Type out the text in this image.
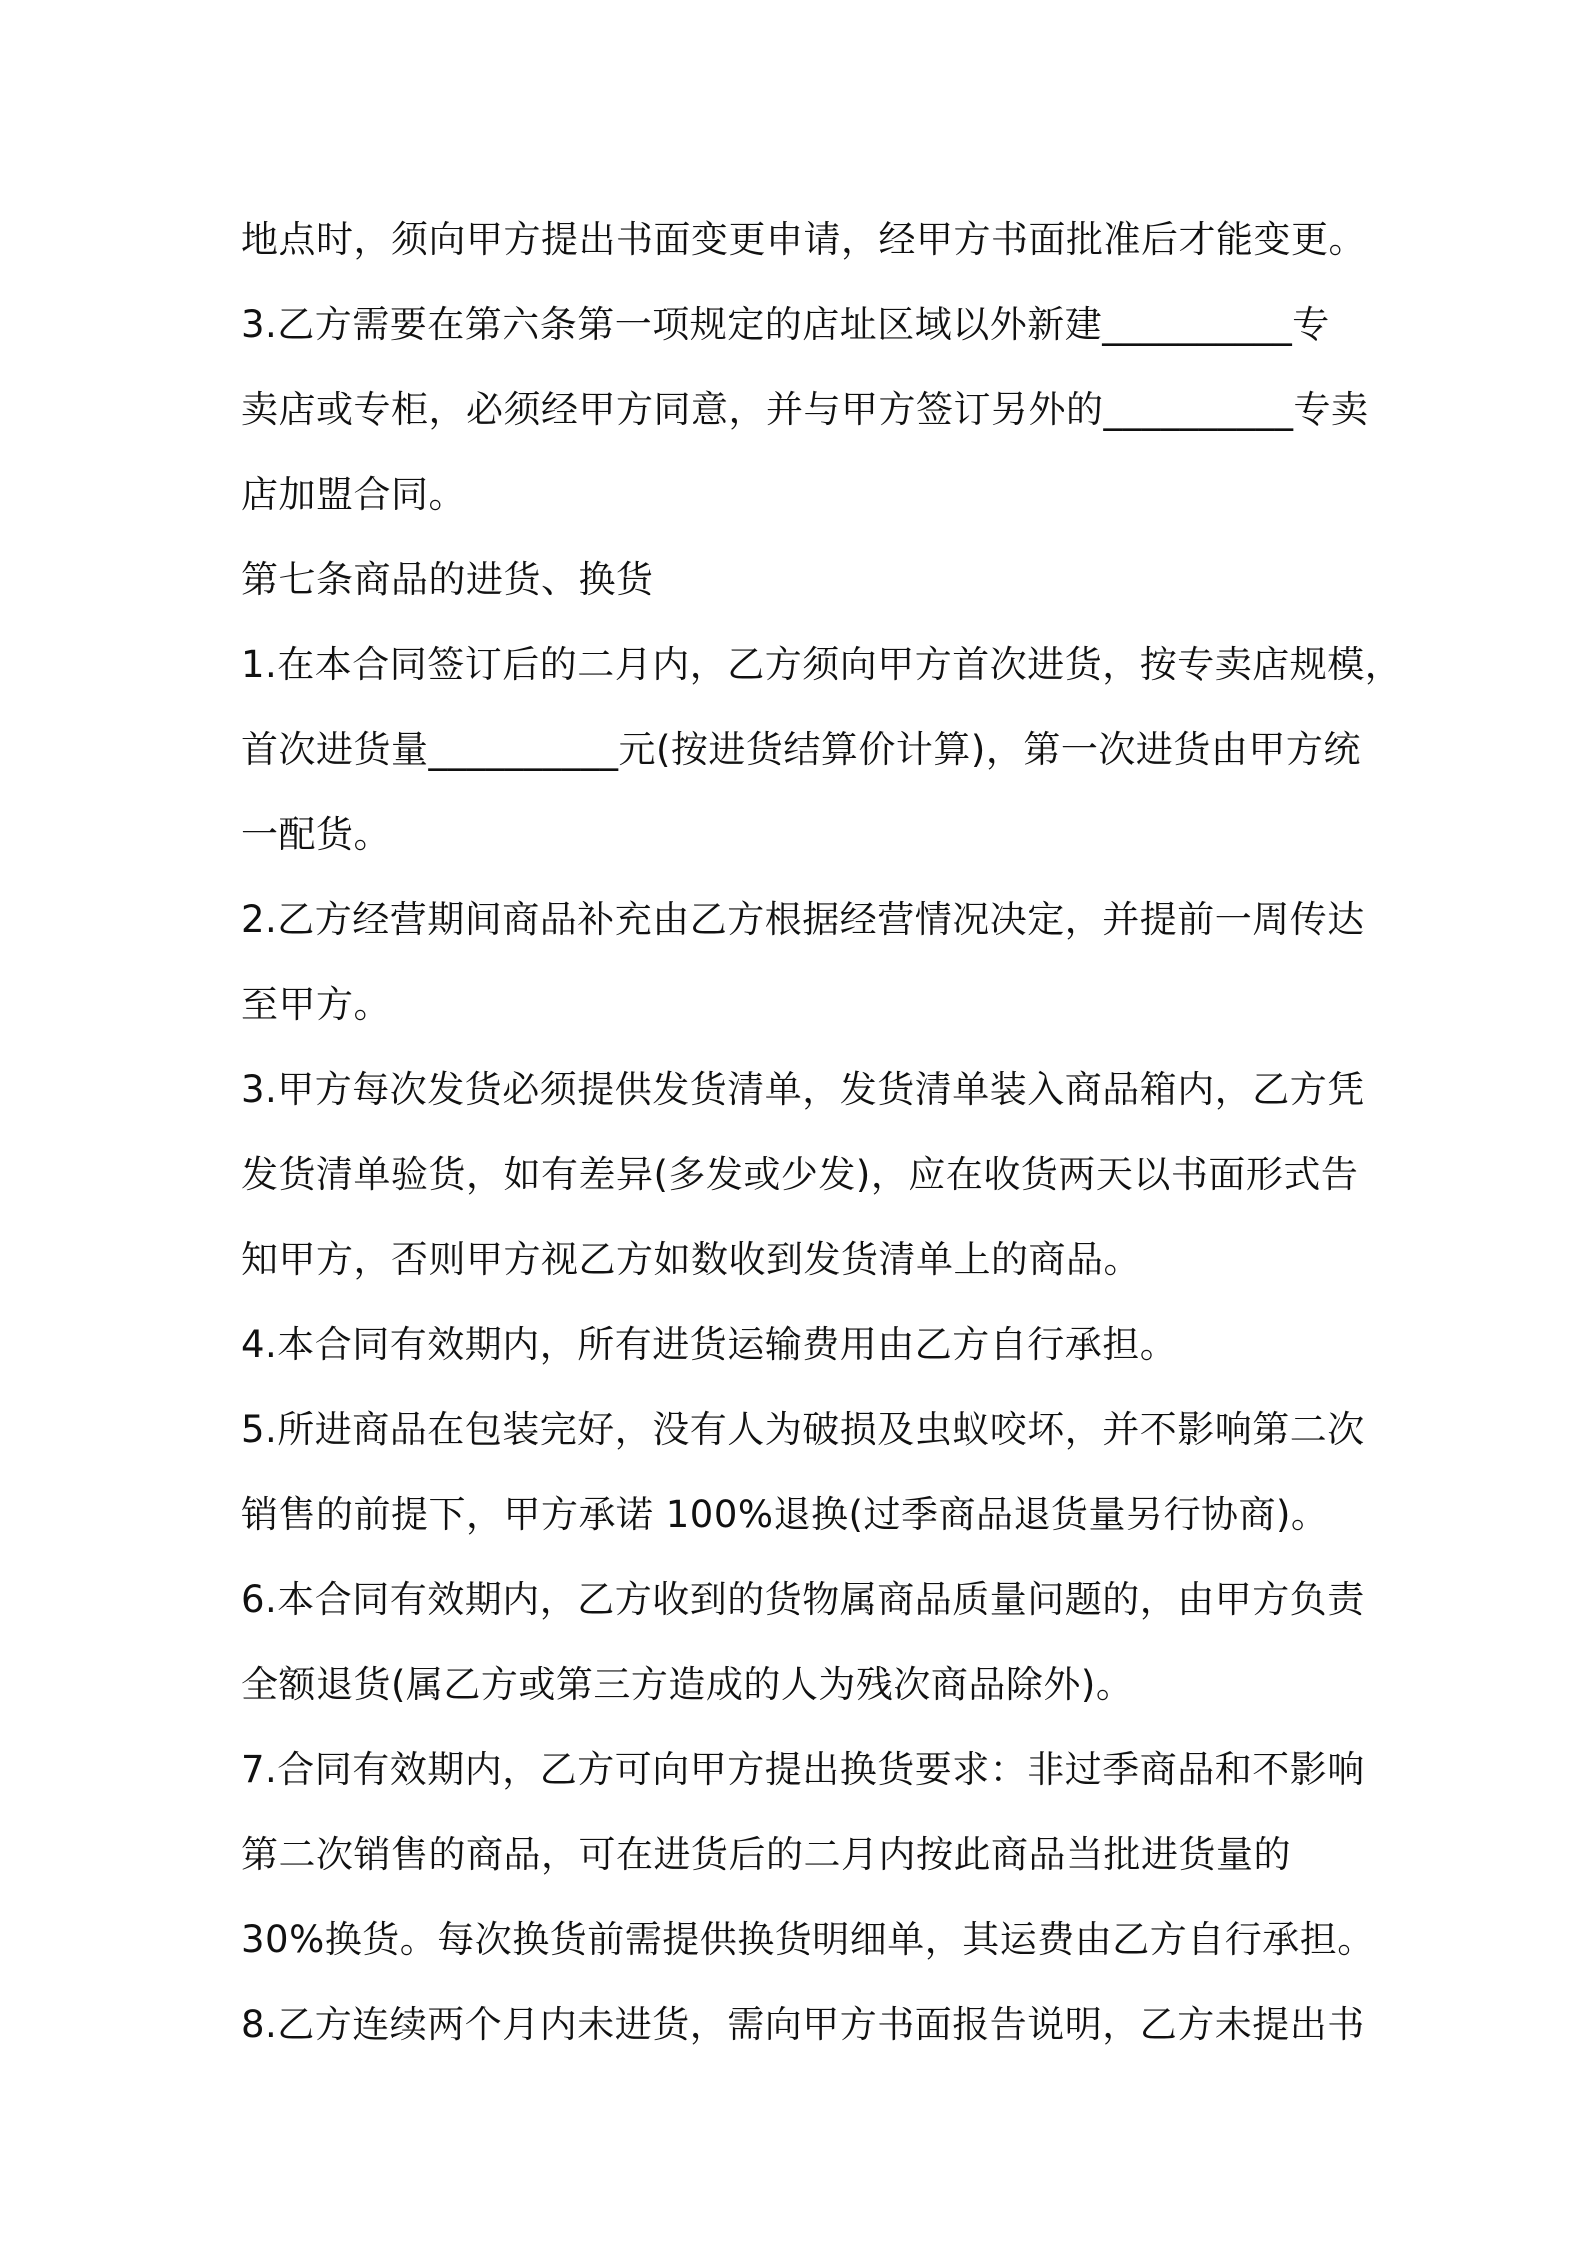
地点时，须向甲方提出书面变更申请，经甲方书面批准后才能变更。
3.乙方需要在第六条第一项规定的店址区域以外新建__________专
卖店或专柜，必须经甲方同意，并与甲方签订另外的__________专卖
店加盟合同。
第七条商品的进货、换货
1.在本合同签订后的二月内，乙方须向甲方首次进货，按专卖店规模，
首次进货量__________元(按进货结算价计算)，第一次进货由甲方统
一配货。
2.乙方经营期间商品补充由乙方根据经营情况决定，并提前一周传达
至甲方。
3.甲方每次发货必须提供发货清单，发货清单装入商品箱内，乙方凭
发货清单验货，如有差异(多发或少发)，应在收货两天以书面形式告
知甲方，否则甲方视乙方如数收到发货清单上的商品。
4.本合同有效期内，所有进货运输费用由乙方自行承担。
5.所进商品在包装完好，没有人为破损及虫蚁咬坏，并不影响第二次
销售的前提下，甲方承诺 100%退换(过季商品退货量另行协商)。
6.本合同有效期内，乙方收到的货物属商品质量问题的，由甲方负责
全额退货(属乙方或第三方造成的人为残次商品除外)。
7.合同有效期内，乙方可向甲方提出换货要求：非过季商品和不影响
第二次销售的商品，可在进货后的二月内按此商品当批进货量的
30%换货。每次换货前需提供换货明细单，其运费由乙方自行承担。
8.乙方连续两个月内未进货，需向甲方书面报告说明，乙方未提出书
